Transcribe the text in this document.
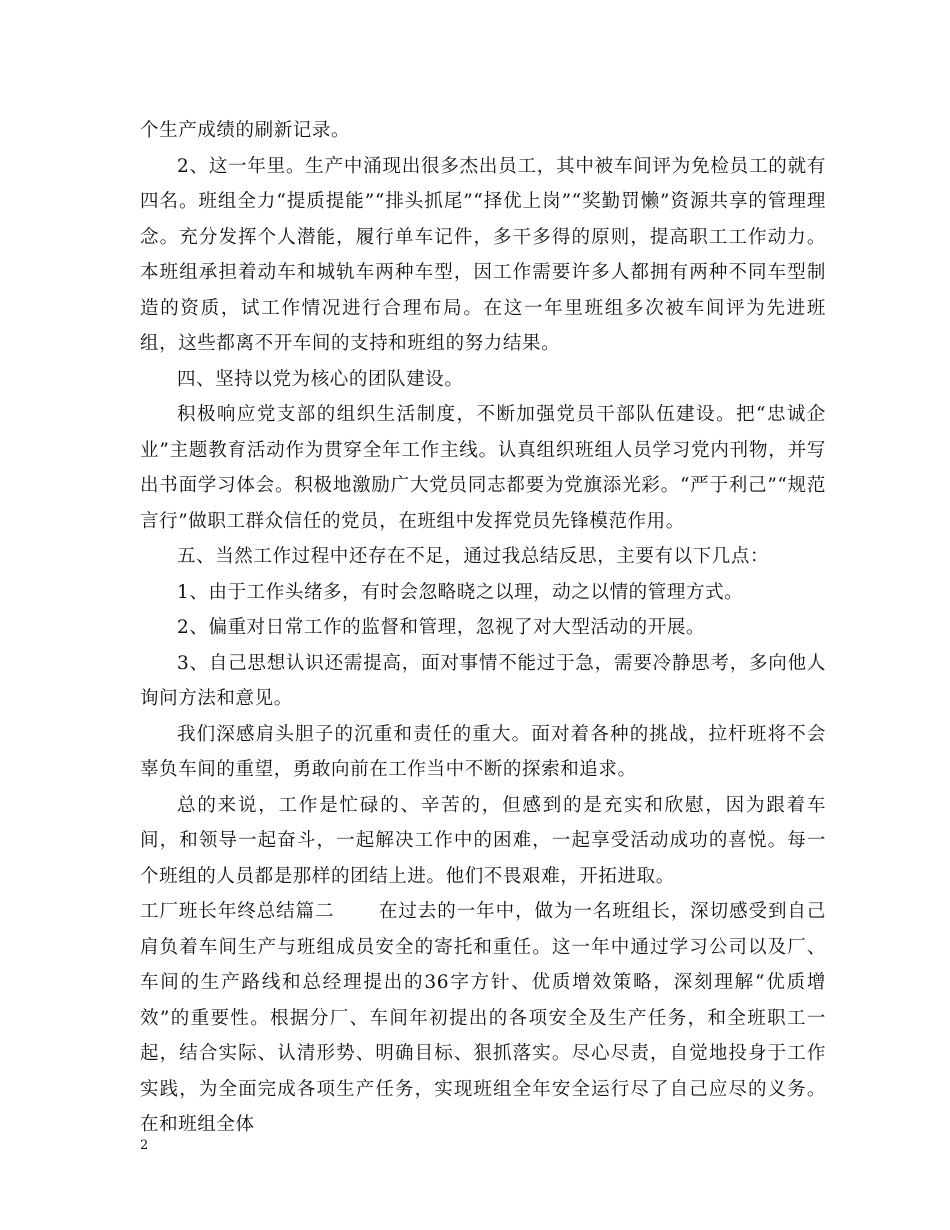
个生产成绩的刷新记录。

2、这一年里。生产中涌现出很多杰出员工，其中被车间评为免检员工的就有四名。班组全力“提质提能”“排头抓尾”“择优上岗”“奖勤罚懒”资源共享的管理理念。充分发挥个人潜能，履行单车记件，多干多得的原则，提高职工工作动力。本班组承担着动车和城轨车两种车型，因工作需要许多人都拥有两种不同车型制造的资质，试工作情况进行合理布局。在这一年里班组多次被车间评为先进班组，这些都离不开车间的支持和班组的努力结果。

四、坚持以党为核心的团队建设。

积极响应党支部的组织生活制度，不断加强党员干部队伍建设。把“忠诚企业”主题教育活动作为贯穿全年工作主线。认真组织班组人员学习党内刊物，并写出书面学习体会。积极地激励广大党员同志都要为党旗添光彩。“严于利己”“规范言行”做职工群众信任的党员，在班组中发挥党员先锋模范作用。

五、当然工作过程中还存在不足，通过我总结反思，主要有以下几点：

1、由于工作头绪多，有时会忽略晓之以理，动之以情的管理方式。

2、偏重对日常工作的监督和管理，忽视了对大型活动的开展。

3、自己思想认识还需提高，面对事情不能过于急，需要冷静思考，多向他人询问方法和意见。

我们深感肩头胆子的沉重和责任的重大。面对着各种的挑战，拉杆班将不会辜负车间的重望，勇敢向前在工作当中不断的探索和追求。

总的来说，工作是忙碌的、辛苦的，但感到的是充实和欣慰，因为跟着车间，和领导一起奋斗，一起解决工作中的困难，一起享受活动成功的喜悦。每一个班组的人员都是那样的团结上进。他们不畏艰难，开拓进取。

工厂班长年终总结篇二 在过去的一年中，做为一名班组长，深切感受到自己肩负着车间生产与班组成员安全的寄托和重任。这一年中通过学习公司以及厂、车间的生产路线和总经理提出的36字方针、优质增效策略，深刻理解“优质增效”的重要性。根据分厂、车间年初提出的各项安全及生产任务，和全班职工一起，结合实际、认清形势、明确目标、狠抓落实。尽心尽责，自觉地投身于工作实践，为全面完成各项生产任务，实现班组全年安全运行尽了自己应尽的义务。在和班组全体

2
